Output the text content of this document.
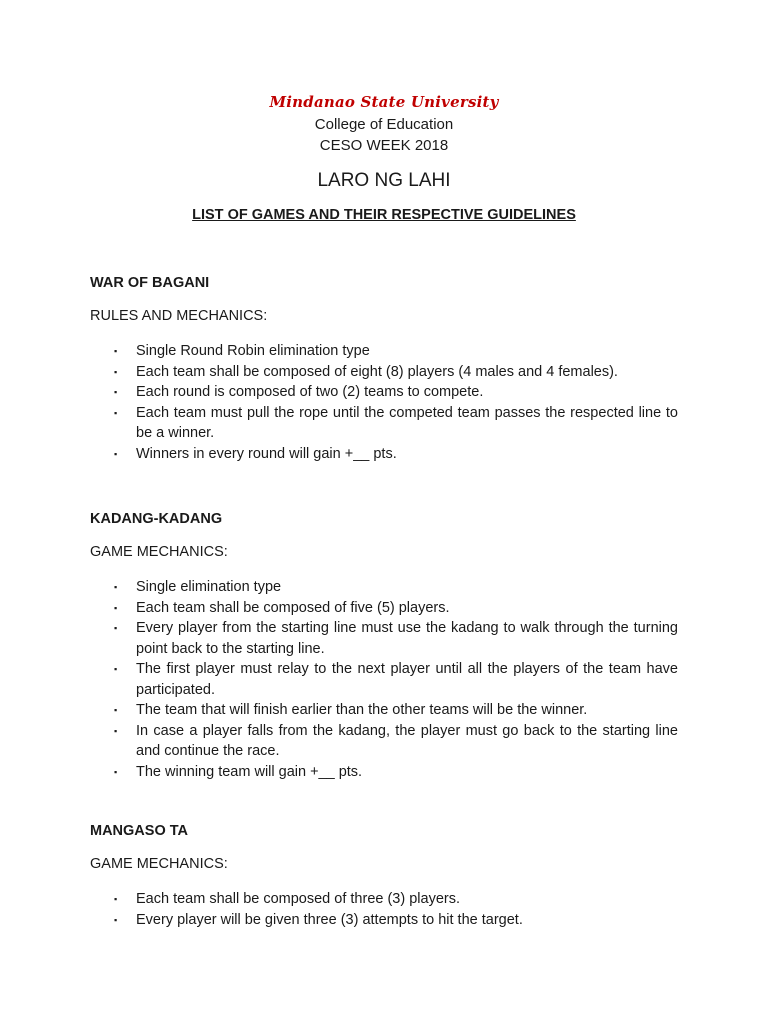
Mindanao State University
College of Education
CESO WEEK 2018
LARO NG LAHI
LIST OF GAMES AND THEIR RESPECTIVE GUIDELINES
WAR OF BAGANI
RULES AND MECHANICS:
▪ Single Round Robin elimination type
▪ Each team shall be composed of eight (8) players (4 males and 4 females).
▪ Each round is composed of two (2) teams to compete.
▪ Each team must pull the rope until the competed team passes the respected line to be a winner.
▪ Winners in every round will gain +__ pts.
KADANG-KADANG
GAME MECHANICS:
▪ Single elimination type
▪ Each team shall be composed of five (5) players.
▪ Every player from the starting line must use the kadang to walk through the turning point back to the starting line.
▪ The first player must relay to the next player until all the players of the team have participated.
▪ The team that will finish earlier than the other teams will be the winner.
▪ In case a player falls from the kadang, the player must go back to the starting line and continue the race.
▪ The winning team will gain +__ pts.
MANGASO TA
GAME MECHANICS:
▪ Each team shall be composed of three (3) players.
▪ Every player will be given three (3) attempts to hit the target.
